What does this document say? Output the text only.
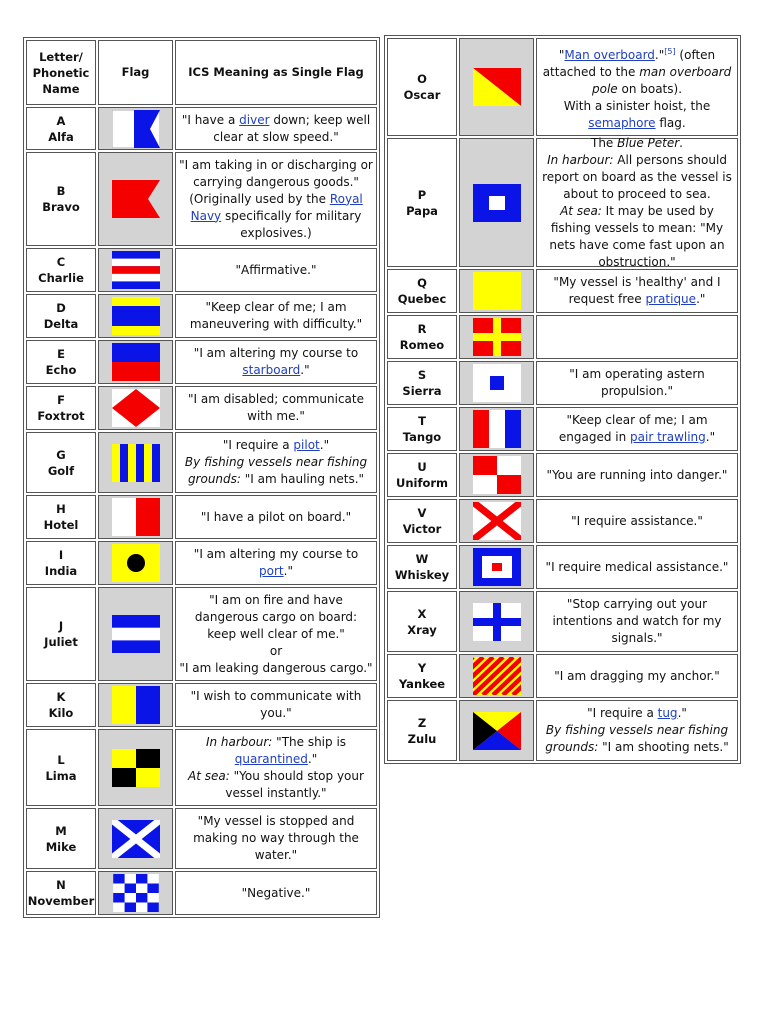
Letter/ Phonetic Name
Flag	ICS Meaning as Single Flag
A
Alfa
"I have a diver down; keep well clear at slow speed."
B
Bravo
"I am taking in or discharging or carrying dangerous goods." (Originally used by the Royal Navy specifically for military explosives.)
C
Charlie
"Affirmative."
D
Delta
"Keep clear of me; I am maneuvering with difficulty."
E
Echo
"I am altering my course to starboard."
F
Foxtrot
"I am disabled; communicate with me."
G
Golf
"I require a pilot."
By fishing vessels near fishing grounds: "I am hauling nets."
H
Hotel
"I have a pilot on board."
I
India
"I am altering my course to port."
J
Juliet
"I am on fire and have dangerous cargo on board: keep well clear of me."
or
"I am leaking dangerous cargo."
K
Kilo
"I wish to communicate with you."
L
Lima
In harbour: "The ship is quarantined."
At sea: "You should stop your vessel instantly."
M
Mike
"My vessel is stopped and making no way through the water."
N
November
"Negative."
O
Oscar
"Man overboard."[5] (often attached to the man overboard pole on boats).
With a sinister hoist, the semaphore flag.
P
Papa
The Blue Peter.
In harbour: All persons should report on board as the vessel is about to proceed to sea.
At sea: It may be used by fishing vessels to mean: "My nets have come fast upon an obstruction."
Q
Quebec
"My vessel is 'healthy' and I request free pratique."
R
Romeo
S
Sierra
"I am operating astern propulsion."
T
Tango
"Keep clear of me; I am engaged in pair trawling."
U
Uniform
"You are running into danger."
V
Victor
"I require assistance."
W
Whiskey
"I require medical assistance."
X
Xray
"Stop carrying out your intentions and watch for my signals."
Y
Yankee
"I am dragging my anchor."
Z
Zulu
"I require a tug."
By fishing vessels near fishing grounds: "I am shooting nets."
